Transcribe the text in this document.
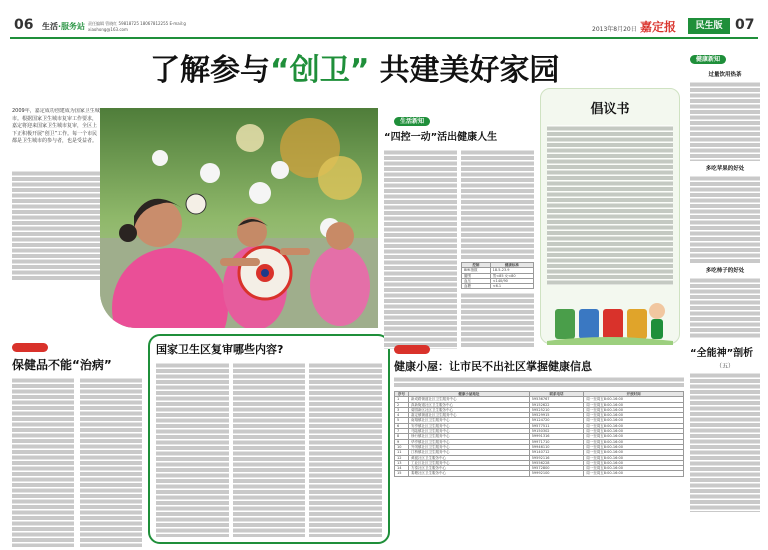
06 生活·服务站 责任编辑 管晓红 59818725 18067812255 E-mail:gxiaohong@163.com	2013年8月20日 嘉定报	民生版 07
了解参与“创卫” 共建美好家园
2009年，嘉定成功创建成为国家卫生城市。根据国家卫生城市复审工作要求，嘉定将迎来国家卫生城市复审，全区上下正积极开展“创卫”工作。每一个市民都是卫生城市的参与者，也是受益者。
消费提示
保健品不能“治病”
国家卫生区复审哪些内容?
生活新知
“四控一动”活出健康人生
控制	健康标准
BMI指数	18.5-23.9
腰围	男<85 女<80
血压	<140/90
血糖	<6.1
倡议书
服务快讯
健康小屋：让市民不出社区掌握健康信息
序号	健康小屋地址	联系电话	开放时间
1	新成路街道社区卫生服务中心	59536767	周一至周五8:00-16:00
2	真新街道社区卫生服务中心	59152622	周一至周五8:00-16:00
3	菊园新区社区卫生服务中心	59525210	周一至周五8:00-16:00
4	嘉定镇街道社区卫生服务中心	59529915	周一至周五8:00-16:00
5	南翔镇社区卫生服务中心	59124720	周一至周五8:00-16:00
6	安亭镇社区卫生服务中心	59577511	周一至周五8:00-16:00
7	马陆镇社区卫生服务中心	59150302	周一至周五8:00-16:00
8	徐行镇社区卫生服务中心	59991316	周一至周五8:00-16:00
9	华亭镇社区卫生服务中心	59971710	周一至周五8:00-16:00
10	外冈镇社区卫生服务中心	59946110	周一至周五8:00-16:00
11	江桥镇社区卫生服务中心	59140712	周一至周五8:00-16:00
12	黄渡社区卫生服务中心	59592116	周一至周五8:00-16:00
13	工业区社区卫生服务中心	59556228	周一至周五8:00-16:00
14	方泰社区卫生服务中心	59572800	周一至周五8:00-16:00
15	娄塘社区卫生服务中心	59992100	周一至周五8:00-16:00
健康新知
过量饮用热茶
多吃苹果的好处
多吃柿子的好处
“全能神”剖析
（五）
